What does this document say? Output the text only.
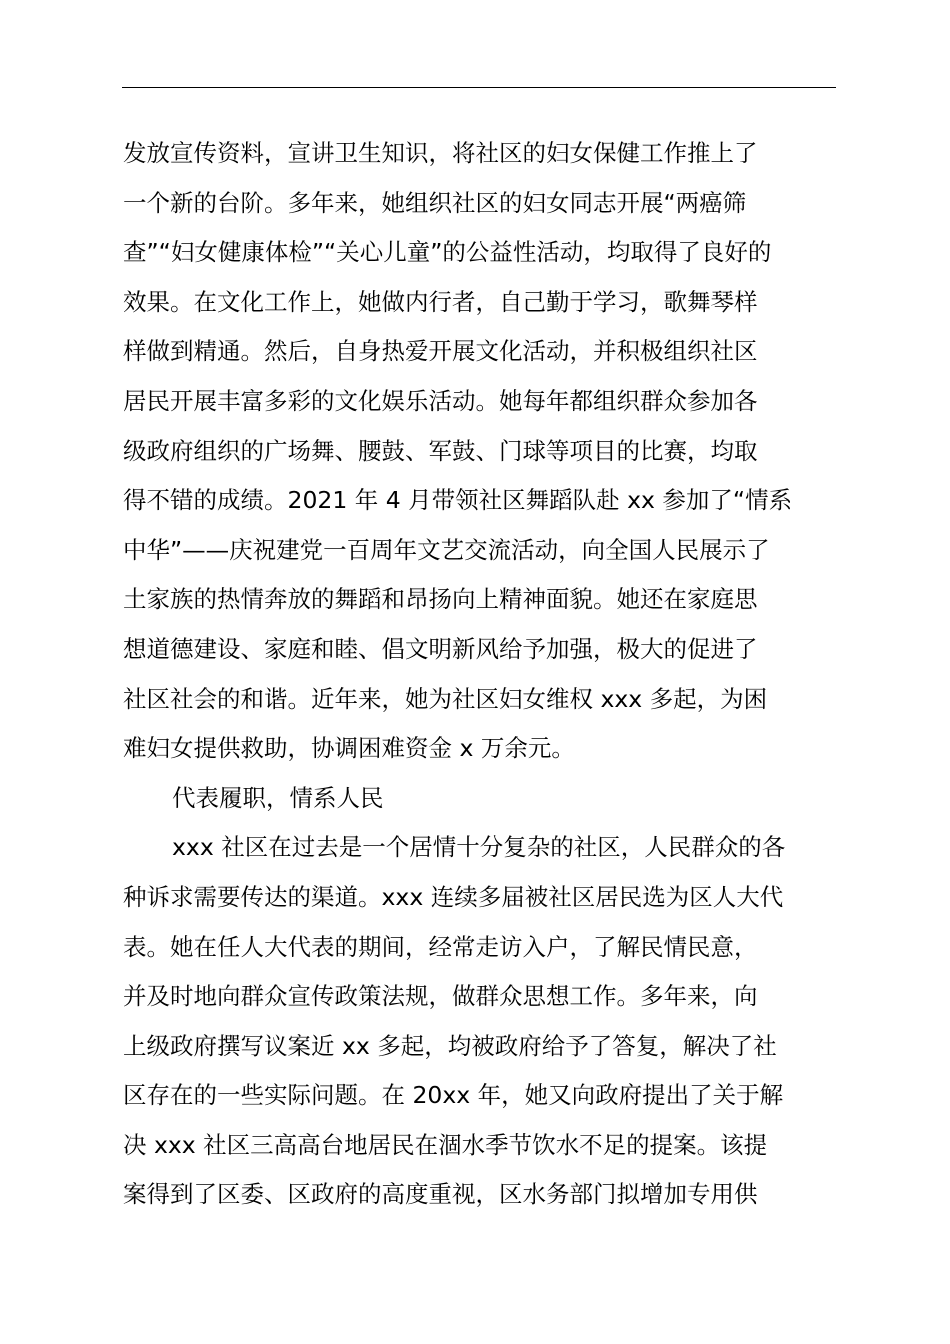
发放宣传资料，宣讲卫生知识，将社区的妇女保健工作推上了
一个新的台阶。多年来，她组织社区的妇女同志开展“两癌筛
查”“妇女健康体检”“关心儿童”的公益性活动，均取得了良好的
效果。在文化工作上，她做内行者，自己勤于学习，歌舞琴样
样做到精通。然后，自身热爱开展文化活动，并积极组织社区
居民开展丰富多彩的文化娱乐活动。她每年都组织群众参加各
级政府组织的广场舞、腰鼓、军鼓、门球等项目的比赛，均取
得不错的成绩。2021 年 4 月带领社区舞蹈队赴 xx 参加了“情系
中华”——庆祝建党一百周年文艺交流活动，向全国人民展示了
土家族的热情奔放的舞蹈和昂扬向上精神面貌。她还在家庭思
想道德建设、家庭和睦、倡文明新风给予加强，极大的促进了
社区社会的和谐。近年来，她为社区妇女维权 xxx 多起，为困
难妇女提供救助，协调困难资金 x 万余元。
代表履职，情系人民
xxx 社区在过去是一个居情十分复杂的社区，人民群众的各
种诉求需要传达的渠道。xxx 连续多届被社区居民选为区人大代
表。她在任人大代表的期间，经常走访入户，了解民情民意，
并及时地向群众宣传政策法规，做群众思想工作。多年来，向
上级政府撰写议案近 xx 多起，均被政府给予了答复，解决了社
区存在的一些实际问题。在 20xx 年，她又向政府提出了关于解
决 xxx 社区三高高台地居民在涸水季节饮水不足的提案。该提
案得到了区委、区政府的高度重视，区水务部门拟增加专用供
